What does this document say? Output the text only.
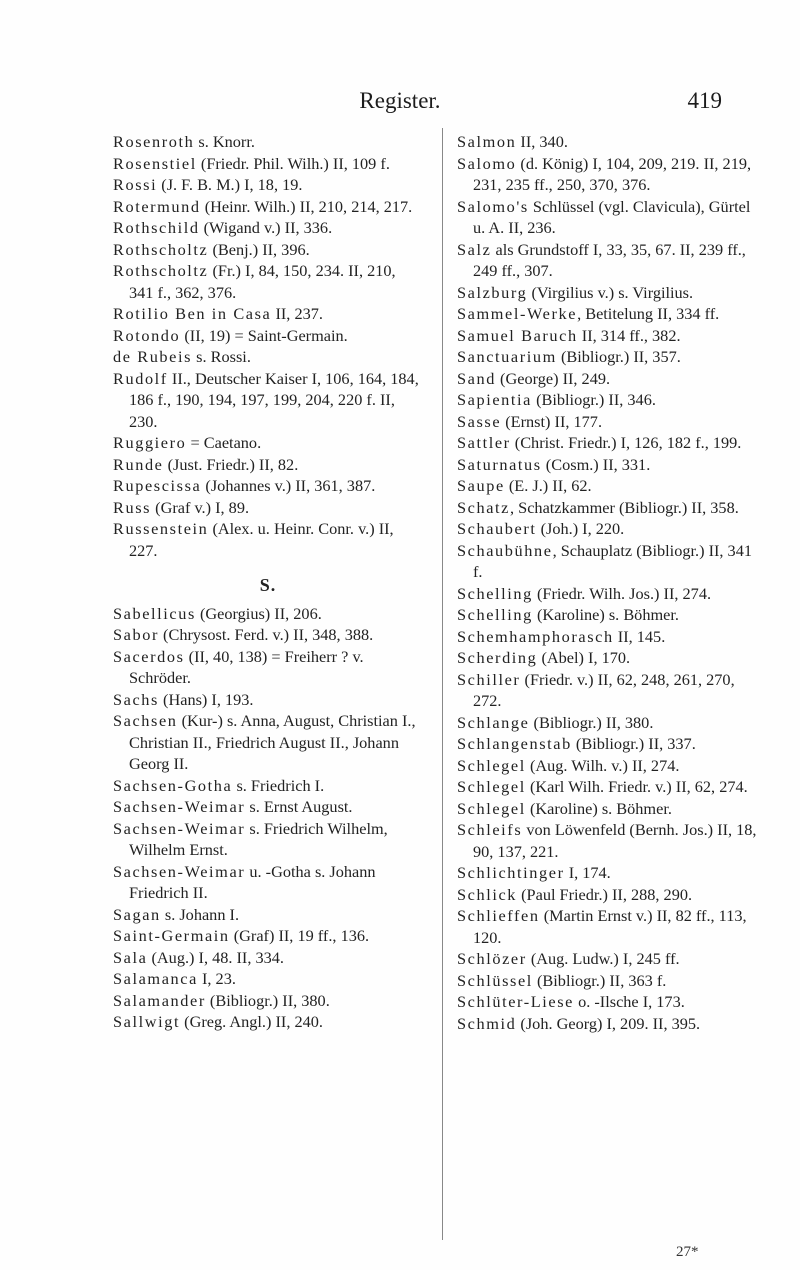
Register.	419

Rosenroth s. Knorr.

Rosenstiel (Friedr. Phil. Wilh.) II, 109 f.

Rossi (J. F. B. M.) I, 18, 19.

Rotermund (Heinr. Wilh.) II, 210, 214, 217.

Rothschild (Wigand v.) II, 336.

Rothscholtz (Benj.) II, 396.

Rothscholtz (Fr.) I, 84, 150, 234. II, 210, 341 f., 362, 376.

Rotilio Ben in Casa II, 237.

Rotondo (II, 19) = Saint-Germain.

de Rubeis s. Rossi.

Rudolf II., Deutscher Kaiser I, 106, 164, 184, 186 f., 190, 194, 197, 199, 204, 220 f. II, 230.

Ruggiero = Caetano.

Runde (Just. Friedr.) II, 82.

Rupescissa (Johannes v.) II, 361, 387.

Russ (Graf v.) I, 89.

Russenstein (Alex. u. Heinr. Conr. v.) II, 227.

S.

Sabellicus (Georgius) II, 206.

Sabor (Chrysost. Ferd. v.) II, 348, 388.

Sacerdos (II, 40, 138) = Freiherr ? v. Schröder.

Sachs (Hans) I, 193.

Sachsen (Kur-) s. Anna, August, Christian I., Christian II., Friedrich August II., Johann Georg II.

Sachsen-Gotha s. Friedrich I.

Sachsen-Weimar s. Ernst August.

Sachsen-Weimar s. Friedrich Wilhelm, Wilhelm Ernst.

Sachsen-Weimar u. -Gotha s. Johann Friedrich II.

Sagan s. Johann I.

Saint-Germain (Graf) II, 19 ff., 136.

Sala (Aug.) I, 48. II, 334.

Salamanca I, 23.

Salamander (Bibliogr.) II, 380.

Sallwigt (Greg. Angl.) II, 240.

Salmon II, 340.

Salomo (d. König) I, 104, 209, 219. II, 219, 231, 235 ff., 250, 370, 376.

Salomo's Schlüssel (vgl. Clavicula), Gürtel u. A. II, 236.

Salz als Grundstoff I, 33, 35, 67. II, 239 ff., 249 ff., 307.

Salzburg (Virgilius v.) s. Virgilius.

Sammel-Werke, Betitelung II, 334 ff.

Samuel Baruch II, 314 ff., 382.

Sanctuarium (Bibliogr.) II, 357.

Sand (George) II, 249.

Sapientia (Bibliogr.) II, 346.

Sasse (Ernst) II, 177.

Sattler (Christ. Friedr.) I, 126, 182 f., 199.

Saturnatus (Cosm.) II, 331.

Saupe (E. J.) II, 62.

Schatz, Schatzkammer (Bibliogr.) II, 358.

Schaubert (Joh.) I, 220.

Schaubühne, Schauplatz (Bibliogr.) II, 341 f.

Schelling (Friedr. Wilh. Jos.) II, 274.

Schelling (Karoline) s. Böhmer.

Schemhamphorasch II, 145.

Scherding (Abel) I, 170.

Schiller (Friedr. v.) II, 62, 248, 261, 270, 272.

Schlange (Bibliogr.) II, 380.

Schlangenstab (Bibliogr.) II, 337.

Schlegel (Aug. Wilh. v.) II, 274.

Schlegel (Karl Wilh. Friedr. v.) II, 62, 274.

Schlegel (Karoline) s. Böhmer.

Schleifs von Löwenfeld (Bernh. Jos.) II, 18, 90, 137, 221.

Schlichtinger I, 174.

Schlick (Paul Friedr.) II, 288, 290.

Schlieffen (Martin Ernst v.) II, 82 ff., 113, 120.

Schlözer (Aug. Ludw.) I, 245 ff.

Schlüssel (Bibliogr.) II, 363 f.

Schlüter-Liese o. -Ilsche I, 173.

Schmid (Joh. Georg) I, 209. II, 395.

27*
